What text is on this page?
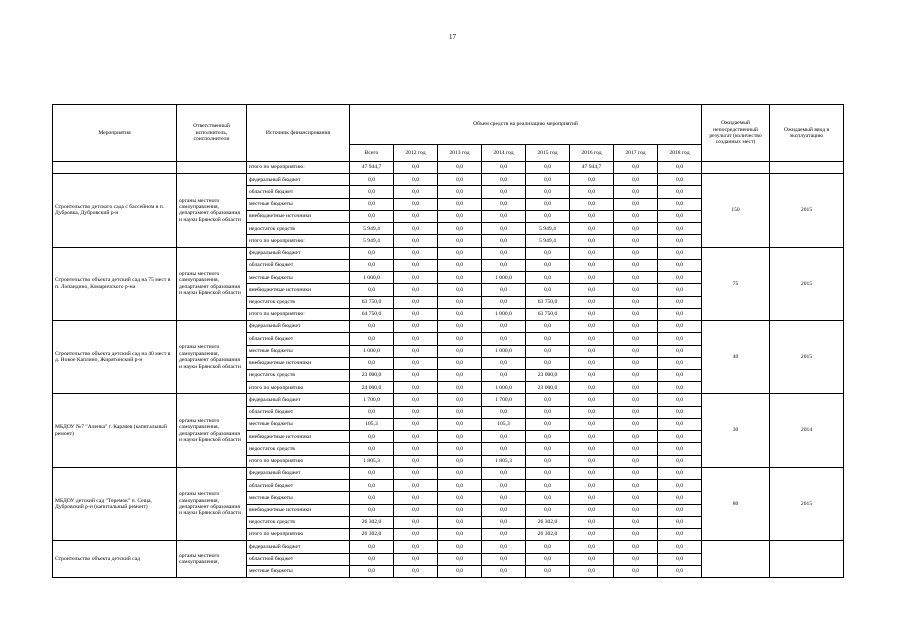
17
Мероприятия	Ответственный исполнитель, соисполнители	Источник финансирования	Объем средств на реализацию мероприятий								Ожидаемый непосредственный результат (количество созданных мест)	Ожидаемый ввод в эксплуатацию
			Всего	2012 год	2013 год	2014 год	2015 год	2016 год	2017 год	2018 год		
		итого по мероприятию:	47 944,7	0,0	0,0	0,0	0,0	47 944,7	0,0	0,0		
Строительство детского сада с бассейном в п. Дубровка, Дубровский р-н	органы местного самоуправления, департамент образования и науки Брянской области	федеральный бюджет	0,0	0,0	0,0	0,0	0,0	0,0	0,0	0,0	150	2015
		областной бюджет	0,0	0,0	0,0	0,0	0,0	0,0	0,0	0,0		
		местные бюджеты	0,0	0,0	0,0	0,0	0,0	0,0	0,0	0,0		
		внебюджетные источники	0,0	0,0	0,0	0,0	0,0	0,0	0,0	0,0		
		недостаток средств	5 949,4	0,0	0,0	0,0	5 949,4	0,0	0,0	0,0		
		итого по мероприятию:	5 949,4	0,0	0,0	0,0	5 949,4	0,0	0,0	0,0		
Строительство объекта детский сад на 75 мест в п. Лопандино, Комаричского р-на	органы местного самоуправления, департамент образования и науки Брянской области	федеральный бюджет	0,0	0,0	0,0	0,0	0,0	0,0	0,0	0,0	75	2015
		областной бюджет	0,0	0,0	0,0	0,0	0,0	0,0	0,0	0,0		
		местные бюджеты	1 000,0	0,0	0,0	1 000,0	0,0	0,0	0,0	0,0		
		внебюджетные источники	0,0	0,0	0,0	0,0	0,0	0,0	0,0	0,0		
		недостаток средств	63 750,0	0,0	0,0	0,0	63 750,0	0,0	0,0	0,0		
		итого по мероприятию:	64 750,0	0,0	0,0	1 000,0	63 750,0	0,0	0,0	0,0		
Строительство объекта детский сад на 40 мест в д. Новое Каплино, Жирятинский р-н	органы местного самоуправления, департамент образования и науки Брянской области	федеральный бюджет	0,0	0,0	0,0	0,0	0,0	0,0	0,0	0,0	40	2015
		областной бюджет	0,0	0,0	0,0	0,0	0,0	0,0	0,0	0,0		
		местные бюджеты	1 000,0	0,0	0,0	1 000,0	0,0	0,0	0,0	0,0		
		внебюджетные источники	0,0	0,0	0,0	0,0	0,0	0,0	0,0	0,0		
		недостаток средств	23 000,0	0,0	0,0	0,0	23 000,0	0,0	0,0	0,0		
		итого по мероприятию	24 000,0	0,0	0,0	1 000,0	23 000,0	0,0	0,0	0,0		
МБДОУ №7 "Аленка" г. Карачев (капитальный ремонт)	органы местного самоуправления, департамент образования и науки Брянской области	федеральный бюджет	1 700,0	0,0	0,0	1 700,0	0,0	0,0	0,0	0,0	30	2014
		областной бюджет	0,0	0,0	0,0	0,0	0,0	0,0	0,0	0,0		
		местные бюджеты	105,3	0,0	0,0	105,3	0,0	0,0	0,0	0,0		
		внебюджетные источники	0,0	0,0	0,0	0,0	0,0	0,0	0,0	0,0		
		недостаток средств	0,0	0,0	0,0	0,0	0,0	0,0	0,0	0,0		
		итого по мероприятию	1 805,3	0,0	0,0	1 805,3	0,0	0,0	0,0	0,0		
МБДОУ детский сад "Теремок" п. Сеща, Дубровский р-н (капитальный ремонт)	органы местного самоуправления, департамент образования и науки Брянской области	федеральный бюджет	0,0	0,0	0,0	0,0	0,0	0,0	0,0	0,0	80	2015
		областной бюджет	0,0	0,0	0,0	0,0	0,0	0,0	0,0	0,0		
		местные бюджеты	0,0	0,0	0,0	0,0	0,0	0,0	0,0	0,0		
		внебюджетные источники	0,0	0,0	0,0	0,0	0,0	0,0	0,0	0,0		
		недостаток средств	26 302,0	0,0	0,0	0,0	26 302,0	0,0	0,0	0,0		
		итого по мероприятию	26 302,0	0,0	0,0	0,0	26 302,0	0,0	0,0	0,0		
Строительство объекта детский сад	органы местного самоуправления,	федеральный бюджет	0,0	0,0	0,0	0,0	0,0	0,0	0,0	0,0		
		областной бюджет	0,0	0,0	0,0	0,0	0,0	0,0	0,0	0,0		
		местные бюджеты	0,0	0,0	0,0	0,0	0,0	0,0	0,0	0,0		
